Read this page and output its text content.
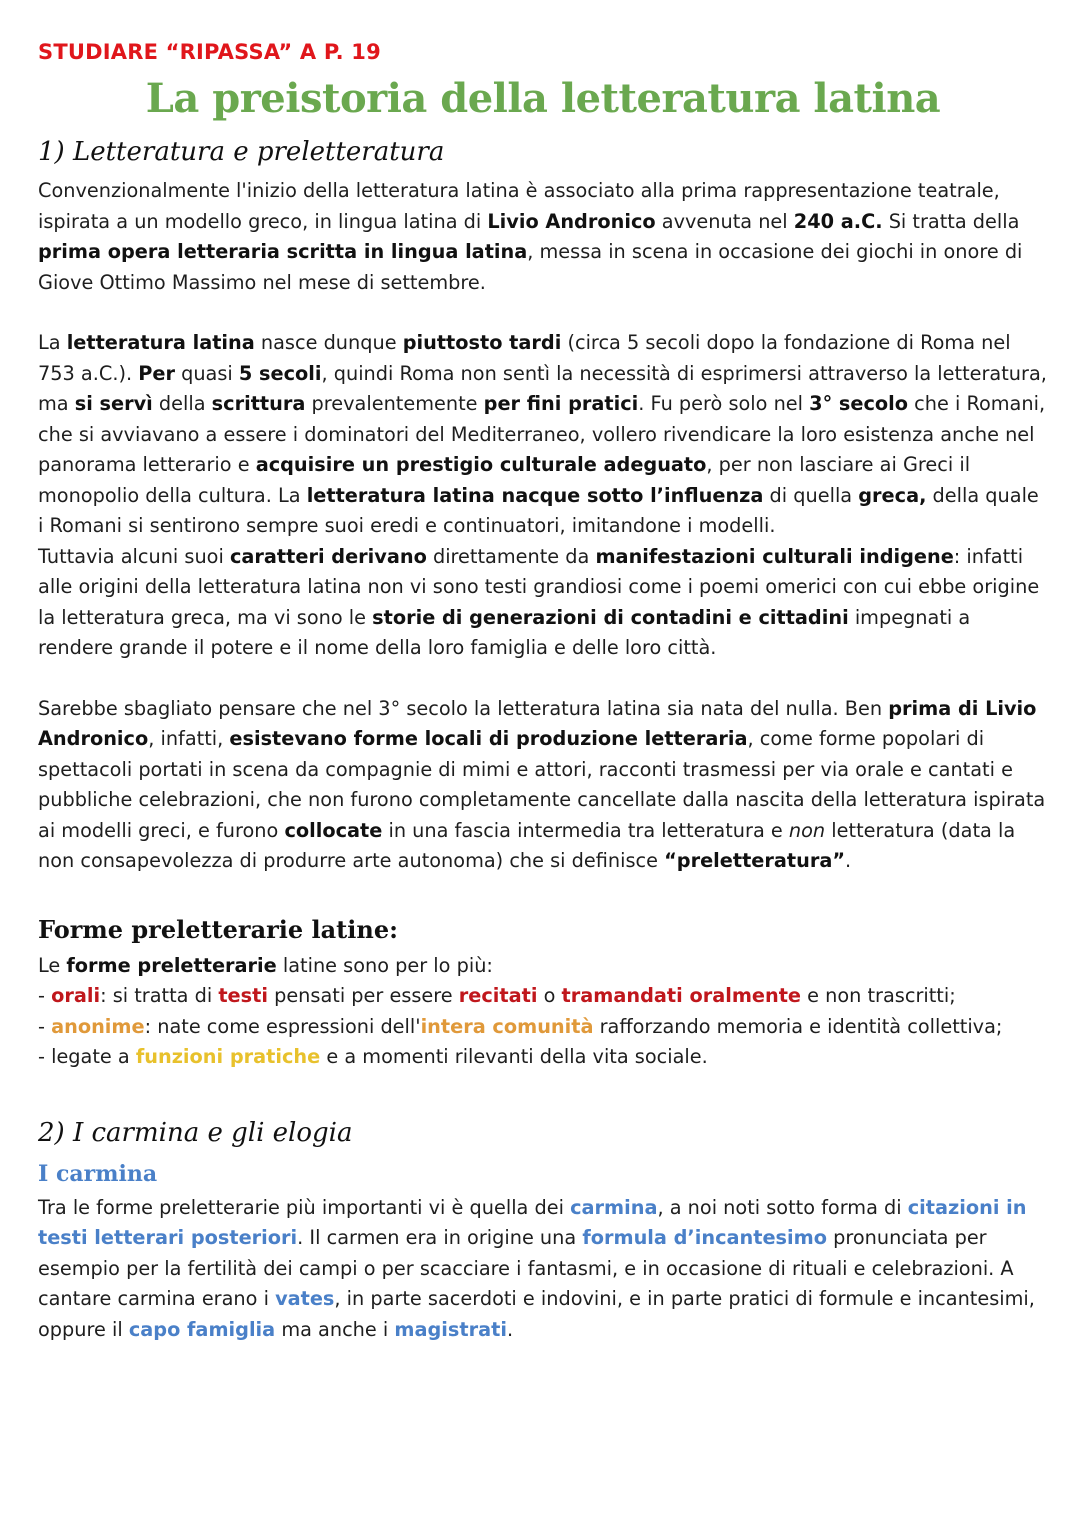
STUDIARE “RIPASSA” A P. 19
La preistoria della letteratura latina
1) Letteratura e preletteratura

Convenzionalmente l'inizio della letteratura latina è associato alla prima rappresentazione teatrale, ispirata a un modello greco, in lingua latina di Livio Andronico avvenuta nel 240 a.C. Si tratta della prima opera letteraria scritta in lingua latina, messa in scena in occasione dei giochi in onore di Giove Ottimo Massimo nel mese di settembre.

La letteratura latina nasce dunque piuttosto tardi (circa 5 secoli dopo la fondazione di Roma nel 753 a.C.). Per quasi 5 secoli, quindi Roma non sentì la necessità di esprimersi attraverso la letteratura, ma si servì della scrittura prevalentemente per fini pratici. Fu però solo nel 3° secolo che i Romani, che si avviavano a essere i dominatori del Mediterraneo, vollero rivendicare la loro esistenza anche nel panorama letterario e acquisire un prestigio culturale adeguato, per non lasciare ai Greci il monopolio della cultura. La letteratura latina nacque sotto l’influenza di quella greca, della quale i Romani si sentirono sempre suoi eredi e continuatori, imitandone i modelli.

Tuttavia alcuni suoi caratteri derivano direttamente da manifestazioni culturali indigene: infatti alle origini della letteratura latina non vi sono testi grandiosi come i poemi omerici con cui ebbe origine la letteratura greca, ma vi sono le storie di generazioni di contadini e cittadini impegnati a rendere grande il potere e il nome della loro famiglia e delle loro città.

Sarebbe sbagliato pensare che nel 3° secolo la letteratura latina sia nata del nulla. Ben prima di Livio Andronico, infatti, esistevano forme locali di produzione letteraria, come forme popolari di spettacoli portati in scena da compagnie di mimi e attori, racconti trasmessi per via orale e cantati e pubbliche celebrazioni, che non furono completamente cancellate dalla nascita della letteratura ispirata ai modelli greci, e furono collocate in una fascia intermedia tra letteratura e non letteratura (data la non consapevolezza di produrre arte autonoma) che si definisce “preletteratura”.

Forme preletterarie latine:

Le forme preletterarie latine sono per lo più:

- orali: si tratta di testi pensati per essere recitati o tramandati oralmente e non trascritti;

- anonime: nate come espressioni dell'intera comunità rafforzando memoria e identità collettiva;

- legate a funzioni pratiche e a momenti rilevanti della vita sociale.

2) I carmina e gli elogia
I carmina

Tra le forme preletterarie più importanti vi è quella dei carmina, a noi noti sotto forma di citazioni in testi letterari posteriori. Il carmen era in origine una formula d’incantesimo pronunciata per esempio per la fertilità dei campi o per scacciare i fantasmi, e in occasione di rituali e celebrazioni. A cantare carmina erano i vates, in parte sacerdoti e indovini, e in parte pratici di formule e incantesimi, oppure il capo famiglia ma anche i magistrati.
